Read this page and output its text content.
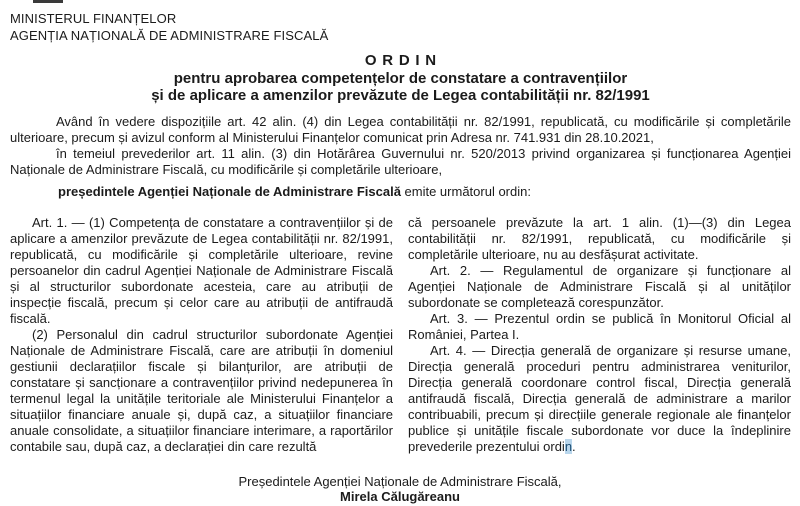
MINISTERUL FINANȚELOR
AGENȚIA NAȚIONALĂ DE ADMINISTRARE FISCALĂ
ORDIN
pentru aprobarea competențelor de constatare a contravențiilor
și de aplicare a amenzilor prevăzute de Legea contabilității nr. 82/1991

Având în vedere dispozițiile art. 42 alin. (4) din Legea contabilității nr. 82/1991, republicată, cu modificările și completările ulterioare, precum și avizul conform al Ministerului Finanțelor comunicat prin Adresa nr. 741.931 din 28.10.2021,

în temeiul prevederilor art. 11 alin. (3) din Hotărârea Guvernului nr. 520/2013 privind organizarea și funcționarea Agenției Naționale de Administrare Fiscală, cu modificările și completările ulterioare,

președintele Agenției Naționale de Administrare Fiscală emite următorul ordin:

Art. 1. — (1) Competența de constatare a contravențiilor și de aplicare a amenzilor prevăzute de Legea contabilității nr. 82/1991, republicată, cu modificările și completările ulterioare, revine persoanelor din cadrul Agenției Naționale de Administrare Fiscală și al structurilor subordonate acesteia, care au atribuții de inspecție fiscală, precum și celor care au atribuții de antifraudă fiscală.

(2) Personalul din cadrul structurilor subordonate Agenției Naționale de Administrare Fiscală, care are atribuții în domeniul gestiunii declarațiilor fiscale și bilanțurilor, are atribuții de constatare și sancționare a contravențiilor privind nedepunerea în termenul legal la unitățile teritoriale ale Ministerului Finanțelor a situațiilor financiare anuale și, după caz, a situațiilor financiare anuale consolidate, a situațiilor financiare interimare, a raportărilor contabile sau, după caz, a declarației din care rezultă

că persoanele prevăzute la art. 1 alin. (1)—(3) din Legea contabilității nr. 82/1991, republicată, cu modificările și completările ulterioare, nu au desfășurat activitate.

Art. 2. — Regulamentul de organizare și funcționare al Agenției Naționale de Administrare Fiscală și al unităților subordonate se completează corespunzător.

Art. 3. — Prezentul ordin se publică în Monitorul Oficial al României, Partea I.

Art. 4. — Direcția generală de organizare și resurse umane, Direcția generală proceduri pentru administrarea veniturilor, Direcția generală coordonare control fiscal, Direcția generală antifraudă fiscală, Direcția generală de administrare a marilor contribuabili, precum și direcțiile generale regionale ale finanțelor publice și unitățile fiscale subordonate vor duce la îndeplinire prevederile prezentului ordin.

Președintele Agenției Naționale de Administrare Fiscală,
Mirela Călugăreanu
